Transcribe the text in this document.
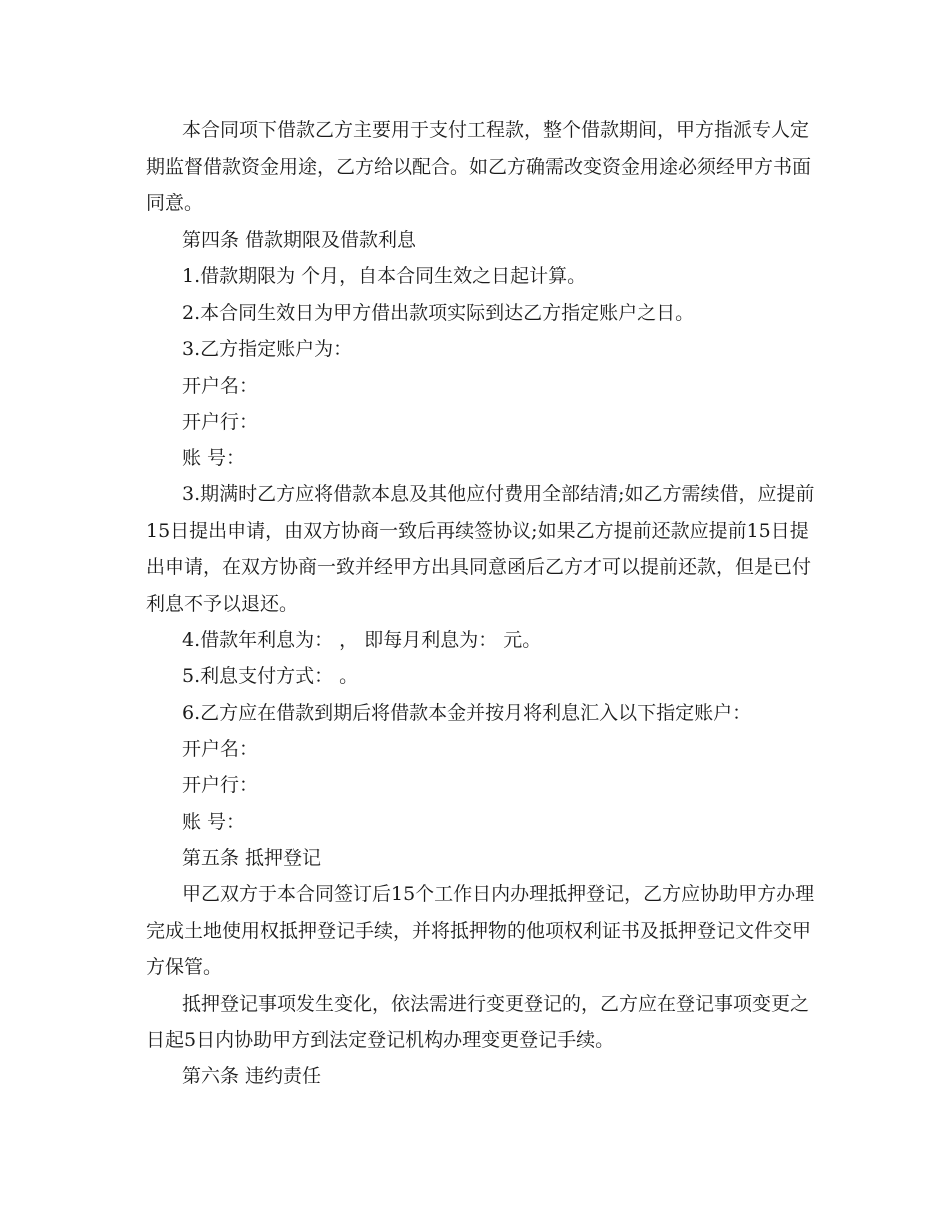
本合同项下借款乙方主要用于支付工程款，整个借款期间，甲方指派专人定
期监督借款资金用途，乙方给以配合。如乙方确需改变资金用途必须经甲方书面
同意。
第四条 借款期限及借款利息
1.借款期限为 个月，自本合同生效之日起计算。
2.本合同生效日为甲方借出款项实际到达乙方指定账户之日。
3.乙方指定账户为：
开户名：
开户行：
账 号：
3.期满时乙方应将借款本息及其他应付费用全部结清;如乙方需续借，应提前
15日提出申请，由双方协商一致后再续签协议;如果乙方提前还款应提前15日提
出申请，在双方协商一致并经甲方出具同意函后乙方才可以提前还款，但是已付
利息不予以退还。
4.借款年利息为： ， 即每月利息为： 元。
5.利息支付方式： 。
6.乙方应在借款到期后将借款本金并按月将利息汇入以下指定账户：
开户名：
开户行：
账 号：
第五条 抵押登记
甲乙双方于本合同签订后15个工作日内办理抵押登记，乙方应协助甲方办理
完成土地使用权抵押登记手续，并将抵押物的他项权利证书及抵押登记文件交甲
方保管。
抵押登记事项发生变化，依法需进行变更登记的，乙方应在登记事项变更之
日起5日内协助甲方到法定登记机构办理变更登记手续。
第六条 违约责任
